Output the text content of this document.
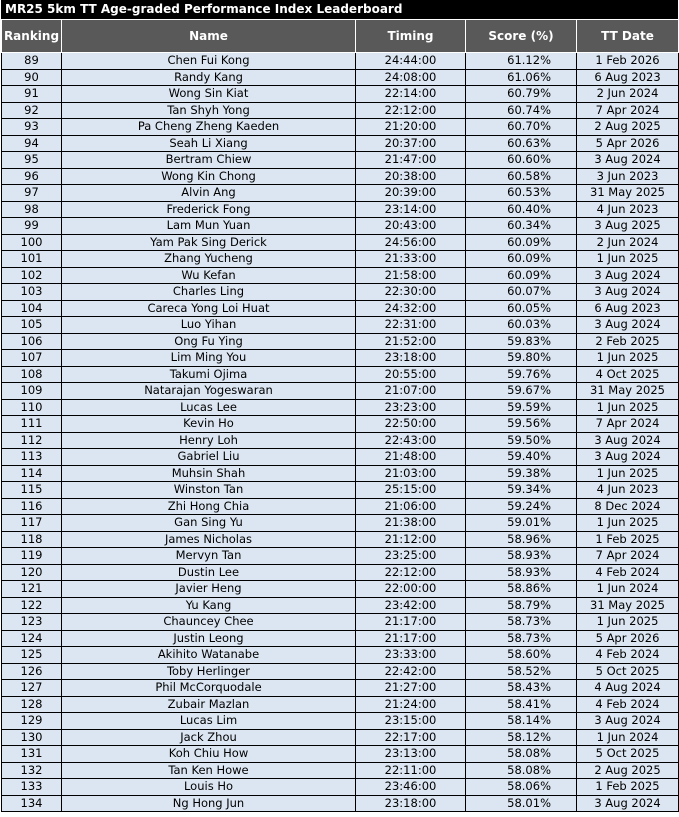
MR25 5km TT Age-graded Performance Index Leaderboard
Ranking	Name	Timing	Score (%)	TT Date
89	Chen Fui Kong	24:44:00	61.12%	1 Feb 2026
90	Randy Kang	24:08:00	61.06%	6 Aug 2023
91	Wong Sin Kiat	22:14:00	60.79%	2 Jun 2024
92	Tan Shyh Yong	22:12:00	60.74%	7 Apr 2024
93	Pa Cheng Zheng Kaeden	21:20:00	60.70%	2 Aug 2025
94	Seah Li Xiang	20:37:00	60.63%	5 Apr 2026
95	Bertram Chiew	21:47:00	60.60%	3 Aug 2024
96	Wong Kin Chong	20:38:00	60.58%	3 Jun 2023
97	Alvin Ang	20:39:00	60.53%	31 May 2025
98	Frederick Fong	23:14:00	60.40%	4 Jun 2023
99	Lam Mun Yuan	20:43:00	60.34%	3 Aug 2025
100	Yam Pak Sing Derick	24:56:00	60.09%	2 Jun 2024
101	Zhang Yucheng	21:33:00	60.09%	1 Jun 2025
102	Wu Kefan	21:58:00	60.09%	3 Aug 2024
103	Charles Ling	22:30:00	60.07%	3 Aug 2024
104	Careca Yong Loi Huat	24:32:00	60.05%	6 Aug 2023
105	Luo Yihan	22:31:00	60.03%	3 Aug 2024
106	Ong Fu Ying	21:52:00	59.83%	2 Feb 2025
107	Lim Ming You	23:18:00	59.80%	1 Jun 2025
108	Takumi Ojima	20:55:00	59.76%	4 Oct 2025
109	Natarajan Yogeswaran	21:07:00	59.67%	31 May 2025
110	Lucas Lee	23:23:00	59.59%	1 Jun 2025
111	Kevin Ho	22:50:00	59.56%	7 Apr 2024
112	Henry Loh	22:43:00	59.50%	3 Aug 2024
113	Gabriel Liu	21:48:00	59.40%	3 Aug 2024
114	Muhsin Shah	21:03:00	59.38%	1 Jun 2025
115	Winston Tan	25:15:00	59.34%	4 Jun 2023
116	Zhi Hong Chia	21:06:00	59.24%	8 Dec 2024
117	Gan Sing Yu	21:38:00	59.01%	1 Jun 2025
118	James Nicholas	21:12:00	58.96%	1 Feb 2025
119	Mervyn Tan	23:25:00	58.93%	7 Apr 2024
120	Dustin Lee	22:12:00	58.93%	4 Feb 2024
121	Javier Heng	22:00:00	58.86%	1 Jun 2024
122	Yu Kang	23:42:00	58.79%	31 May 2025
123	Chauncey Chee	21:17:00	58.73%	1 Jun 2025
124	Justin Leong	21:17:00	58.73%	5 Apr 2026
125	Akihito Watanabe	23:33:00	58.60%	4 Feb 2024
126	Toby Herlinger	22:42:00	58.52%	5 Oct 2025
127	Phil McCorquodale	21:27:00	58.43%	4 Aug 2024
128	Zubair Mazlan	21:24:00	58.41%	4 Feb 2024
129	Lucas Lim	23:15:00	58.14%	3 Aug 2024
130	Jack Zhou	22:17:00	58.12%	1 Jun 2024
131	Koh Chiu How	23:13:00	58.08%	5 Oct 2025
132	Tan Ken Howe	22:11:00	58.08%	2 Aug 2025
133	Louis Ho	23:46:00	58.06%	1 Feb 2025
134	Ng Hong Jun	23:18:00	58.01%	3 Aug 2024
